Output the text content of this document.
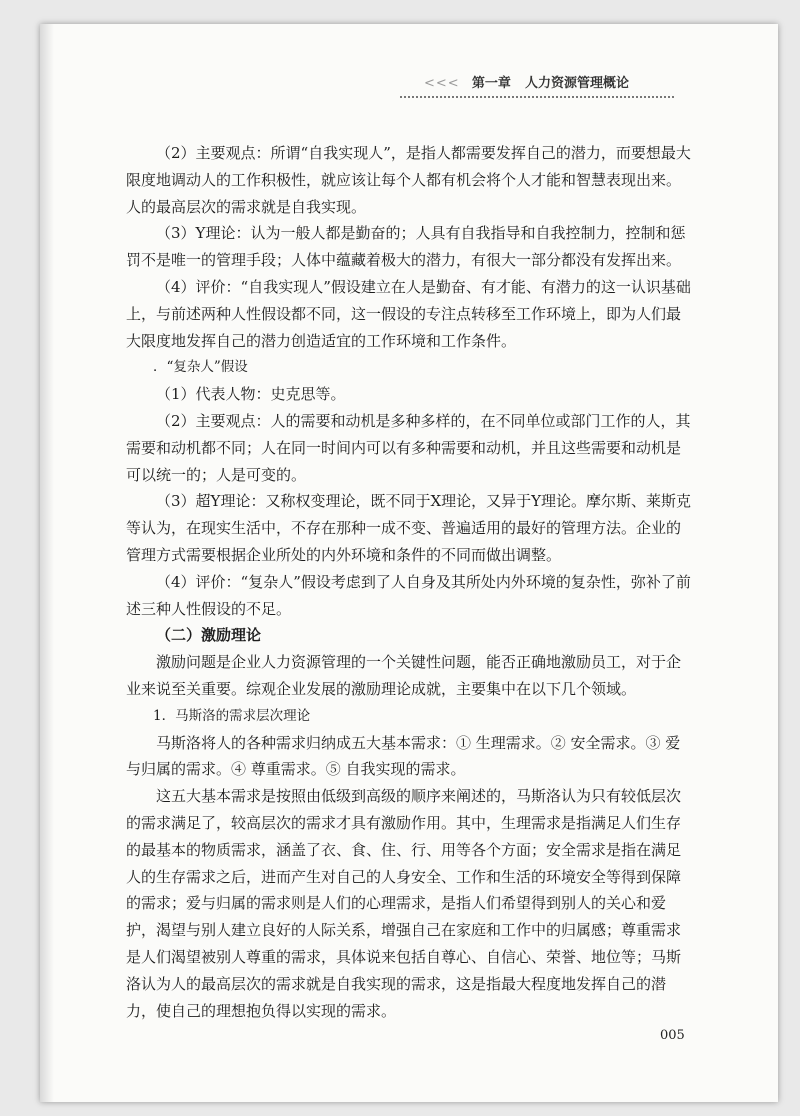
<<< 第一章 人力资源管理概论

（2）主要观点：所谓“自我实现人”，是指人都需要发挥自己的潜力，而要想最大限度地调动人的工作积极性，就应该让每个人都有机会将个人才能和智慧表现出来。人的最高层次的需求就是自我实现。

（3）Y理论：认为一般人都是勤奋的；人具有自我指导和自我控制力，控制和惩罚不是唯一的管理手段；人体中蕴藏着极大的潜力，有很大一部分都没有发挥出来。

（4）评价：“自我实现人”假设建立在人是勤奋、有才能、有潜力的这一认识基础上，与前述两种人性假设都不同，这一假设的专注点转移至工作环境上，即为人们最大限度地发挥自己的潜力创造适宜的工作环境和工作条件。

．“复杂人”假设

（1）代表人物：史克思等。

（2）主要观点：人的需要和动机是多种多样的，在不同单位或部门工作的人，其需要和动机都不同；人在同一时间内可以有多种需要和动机，并且这些需要和动机是可以统一的；人是可变的。

（3）超Y理论：又称权变理论，既不同于X理论，又异于Y理论。摩尔斯、莱斯克等认为，在现实生活中，不存在那种一成不变、普遍适用的最好的管理方法。企业的管理方式需要根据企业所处的内外环境和条件的不同而做出调整。

（4）评价：“复杂人”假设考虑到了人自身及其所处内外环境的复杂性，弥补了前述三种人性假设的不足。

（二）激励理论

激励问题是企业人力资源管理的一个关键性问题，能否正确地激励员工，对于企业来说至关重要。综观企业发展的激励理论成就，主要集中在以下几个领域。

1．马斯洛的需求层次理论

马斯洛将人的各种需求归纳成五大基本需求：① 生理需求。② 安全需求。③ 爱与归属的需求。④ 尊重需求。⑤ 自我实现的需求。

这五大基本需求是按照由低级到高级的顺序来阐述的，马斯洛认为只有较低层次的需求满足了，较高层次的需求才具有激励作用。其中，生理需求是指满足人们生存的最基本的物质需求，涵盖了衣、食、住、行、用等各个方面；安全需求是指在满足人的生存需求之后，进而产生对自己的人身安全、工作和生活的环境安全等得到保障的需求；爱与归属的需求则是人们的心理需求，是指人们希望得到别人的关心和爱护，渴望与别人建立良好的人际关系，增强自己在家庭和工作中的归属感；尊重需求是人们渴望被别人尊重的需求，具体说来包括自尊心、自信心、荣誉、地位等；马斯洛认为人的最高层次的需求就是自我实现的需求，这是指最大程度地发挥自己的潜力，使自己的理想抱负得以实现的需求。

005
